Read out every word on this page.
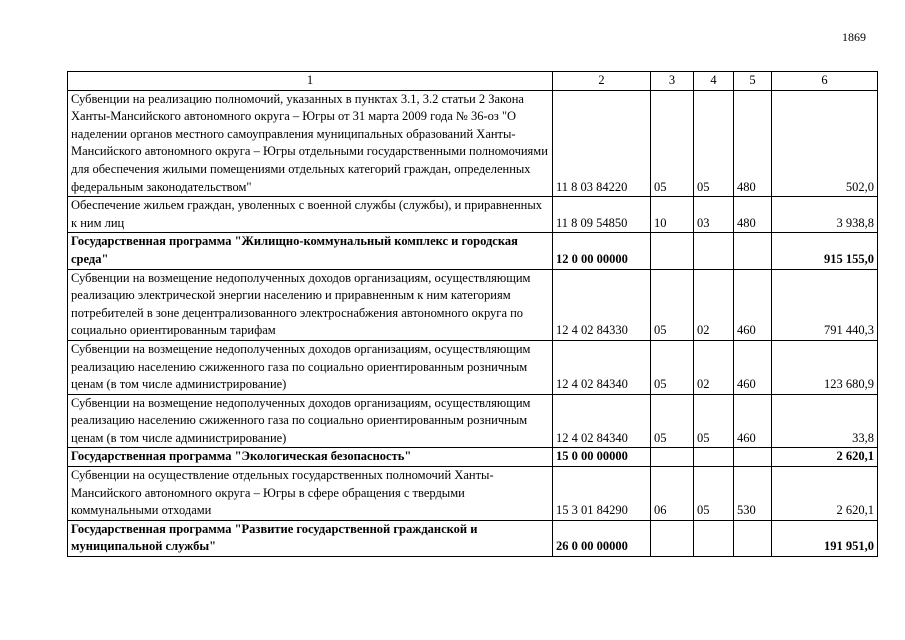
1869
1	2	3	4	5	6
Субвенции на реализацию полномочий, указанных в пунктах 3.1, 3.2 статьи 2 Закона Ханты-Мансийского автономного округа – Югры от 31 марта 2009 года № 36-оз "О наделении органов местного самоуправления муниципальных образований Ханты-Мансийского автономного округа – Югры отдельными государственными полномочиями для обеспечения жилыми помещениями отдельных категорий граждан, определенных федеральным законодательством"	11 8 03 84220	05	05	480	502,0
Обеспечение жильем граждан, уволенных с военной службы (службы), и приравненных к ним лиц	11 8 09 54850	10	03	480	3 938,8
Государственная программа "Жилищно-коммунальный комплекс и городская среда"	12 0 00 00000				915 155,0
Субвенции на возмещение недополученных доходов организациям, осуществляющим реализацию электрической энергии населению и приравненным к ним категориям потребителей в зоне децентрализованного электроснабжения автономного округа по социально ориентированным тарифам	12 4 02 84330	05	02	460	791 440,3
Субвенции на возмещение недополученных доходов организациям, осуществляющим реализацию населению сжиженного газа по социально ориентированным розничным ценам (в том числе администрирование)	12 4 02 84340	05	02	460	123 680,9
Субвенции на возмещение недополученных доходов организациям, осуществляющим реализацию населению сжиженного газа по социально ориентированным розничным ценам (в том числе администрирование)	12 4 02 84340	05	05	460	33,8
Государственная программа "Экологическая безопасность"	15 0 00 00000				2 620,1
Субвенции на осуществление отдельных государственных полномочий Ханты-Мансийского автономного округа – Югры в сфере обращения с твердыми коммунальными отходами	15 3 01 84290	06	05	530	2 620,1
Государственная программа "Развитие государственной гражданской и муниципальной службы"	26 0 00 00000				191 951,0
